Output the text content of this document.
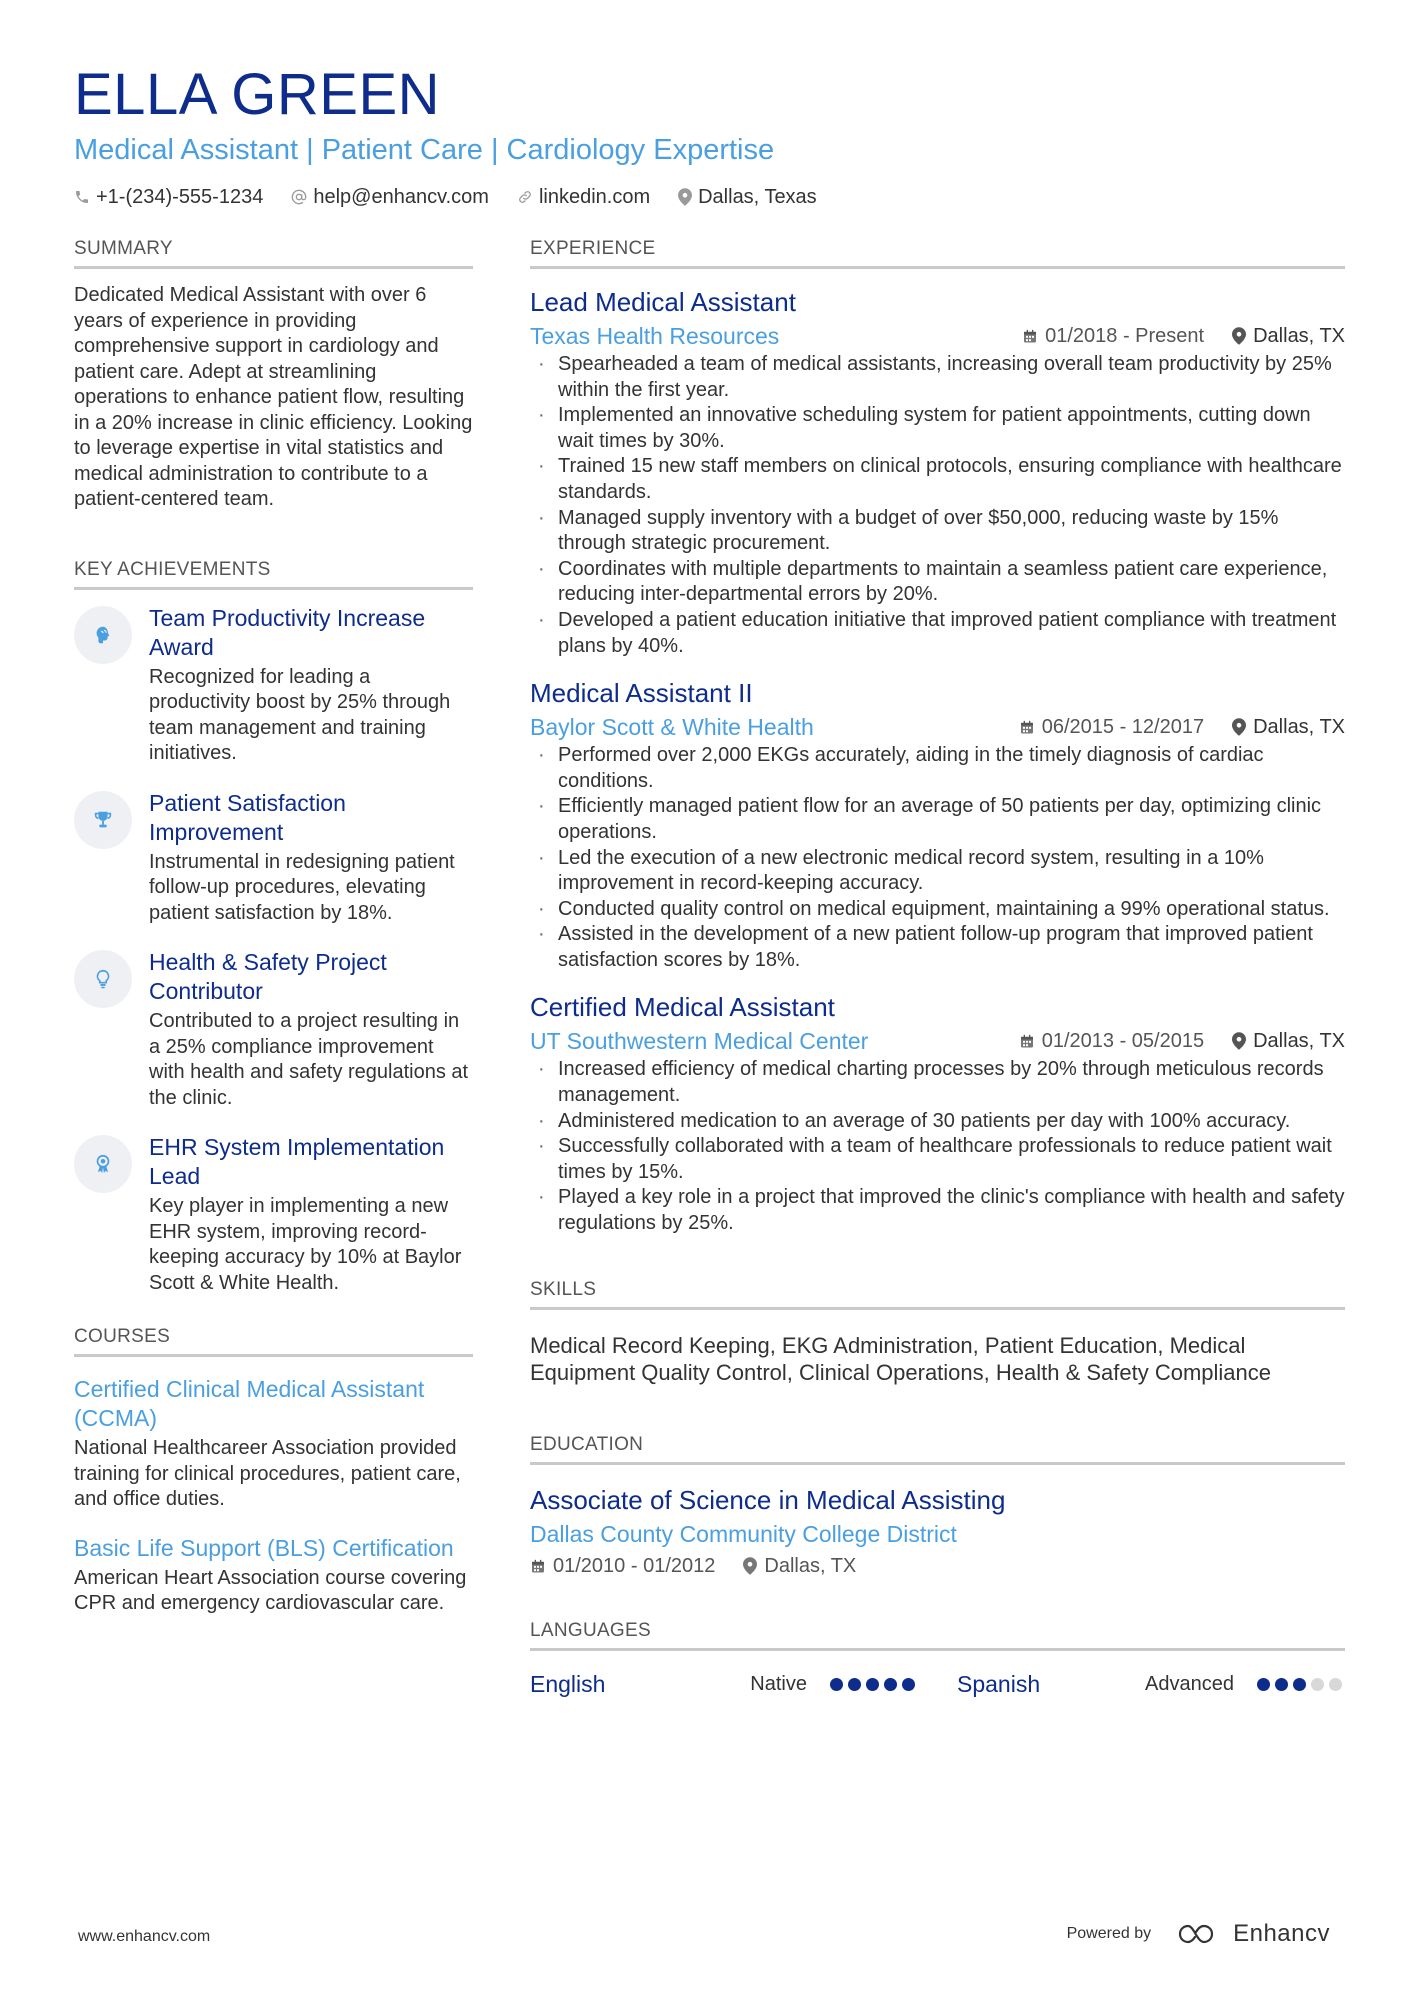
ELLA GREEN
Medical Assistant | Patient Care | Cardiology Expertise
+1-(234)-555-1234	help@enhancv.com	linkedin.com Dallas, Texas
SUMMARY

Dedicated Medical Assistant with over 6 years of experience in providing comprehensive support in cardiology and patient care. Adept at streamlining operations to enhance patient flow, resulting in a 20% increase in clinic efficiency. Looking to leverage expertise in vital statistics and medical administration to contribute to a patient-centered team.

KEY ACHIEVEMENTS
Team Productivity Increase Award
Recognized for leading a productivity boost by 25% through team management and training initiatives.
Patient Satisfaction Improvement
Instrumental in redesigning patient follow-up procedures, elevating patient satisfaction by 18%.
Health & Safety Project Contributor
Contributed to a project resulting in a 25% compliance improvement with health and safety regulations at the clinic.
EHR System Implementation Lead
Key player in implementing a new EHR system, improving record-keeping accuracy by 10% at Baylor Scott & White Health.
COURSES
Certified Clinical Medical Assistant (CCMA)
National Healthcareer Association provided training for clinical procedures, patient care, and office duties.
Basic Life Support (BLS) Certification
American Heart Association course covering CPR and emergency cardiovascular care.
EXPERIENCE
Lead Medical Assistant
Texas Health Resources	01/2018 - Present Dallas, TX
· Spearheaded a team of medical assistants, increasing overall team productivity by 25% within the first year.
· Implemented an innovative scheduling system for patient appointments, cutting down wait times by 30%.
· Trained 15 new staff members on clinical protocols, ensuring compliance with healthcare standards.
· Managed supply inventory with a budget of over $50,000, reducing waste by 15% through strategic procurement.
· Coordinates with multiple departments to maintain a seamless patient care experience, reducing inter-departmental errors by 20%.
· Developed a patient education initiative that improved patient compliance with treatment plans by 40%.
Medical Assistant II
Baylor Scott & White Health	06/2015 - 12/2017 Dallas, TX
· Performed over 2,000 EKGs accurately, aiding in the timely diagnosis of cardiac conditions.
· Efficiently managed patient flow for an average of 50 patients per day, optimizing clinic operations.
· Led the execution of a new electronic medical record system, resulting in a 10% improvement in record-keeping accuracy.
· Conducted quality control on medical equipment, maintaining a 99% operational status.
· Assisted in the development of a new patient follow-up program that improved patient satisfaction scores by 18%.
Certified Medical Assistant
UT Southwestern Medical Center	01/2013 - 05/2015 Dallas, TX
· Increased efficiency of medical charting processes by 20% through meticulous records management.
· Administered medication to an average of 30 patients per day with 100% accuracy.
· Successfully collaborated with a team of healthcare professionals to reduce patient wait times by 15%.
· Played a key role in a project that improved the clinic's compliance with health and safety regulations by 25%.
SKILLS

Medical Record Keeping, EKG Administration, Patient Education, Medical Equipment Quality Control, Clinical Operations, Health & Safety Compliance

EDUCATION
Associate of Science in Medical Assisting
Dallas County Community College District
01/2010 - 01/2012 Dallas, TX
LANGUAGES
English	Native	Spanish	Advanced
www.enhancv.com	Powered by	Enhancv
